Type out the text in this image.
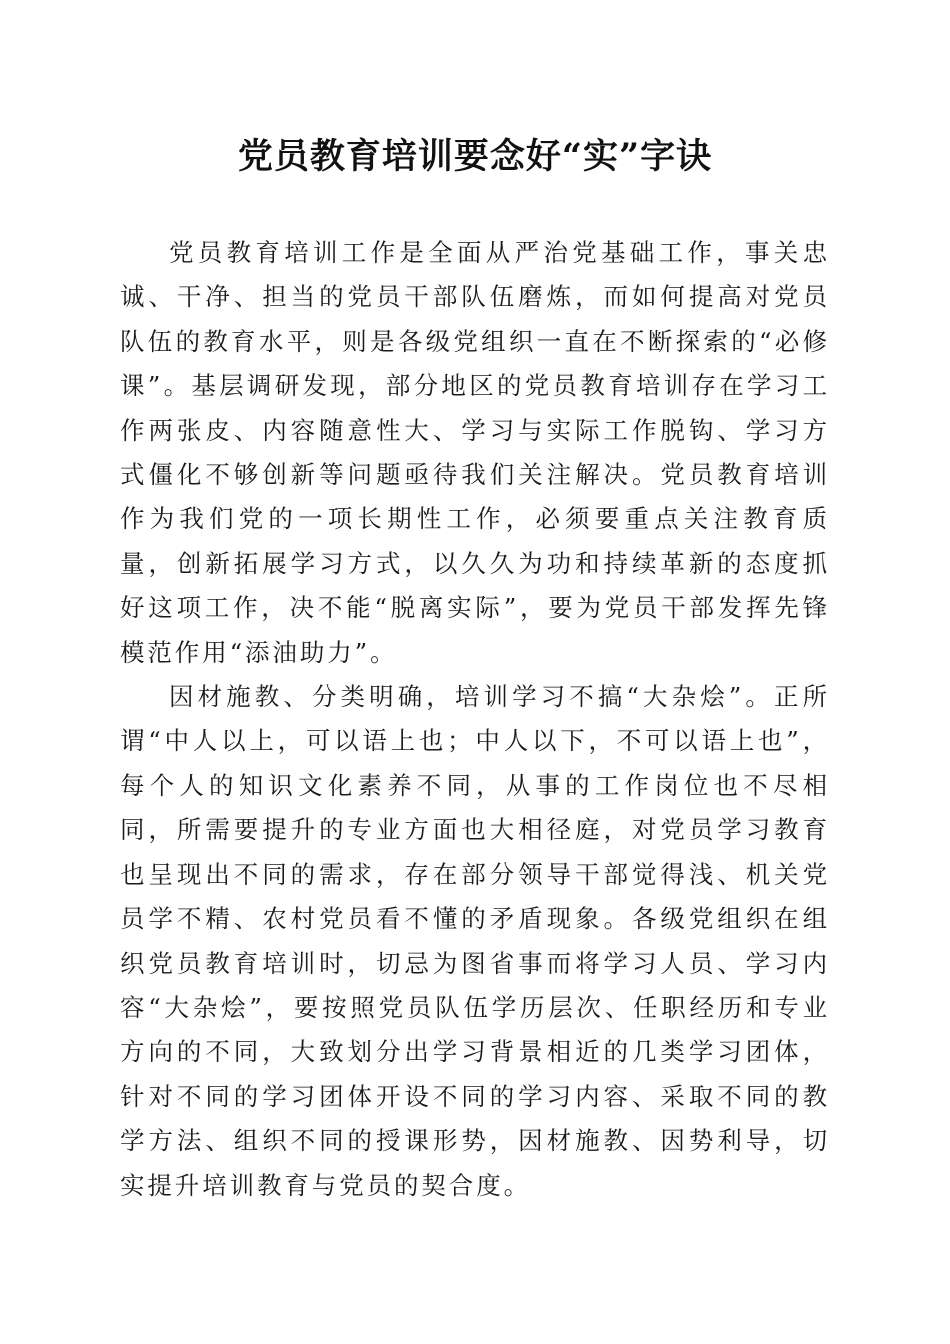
党员教育培训要念好“实”字诀

党员教育培训工作是全面从严治党基础工作，事关忠诚、干净、担当的党员干部队伍磨炼，而如何提高对党员队伍的教育水平，则是各级党组织一直在不断探索的“必修课”。基层调研发现，部分地区的党员教育培训存在学习工作两张皮、内容随意性大、学习与实际工作脱钩、学习方式僵化不够创新等问题亟待我们关注解决。党员教育培训作为我们党的一项长期性工作，必须要重点关注教育质量，创新拓展学习方式，以久久为功和持续革新的态度抓好这项工作，决不能“脱离实际”，要为党员干部发挥先锋模范作用“添油助力”。

因材施教、分类明确，培训学习不搞“大杂烩”。正所谓“中人以上，可以语上也；中人以下，不可以语上也”，每个人的知识文化素养不同，从事的工作岗位也不尽相同，所需要提升的专业方面也大相径庭，对党员学习教育也呈现出不同的需求，存在部分领导干部觉得浅、机关党员学不精、农村党员看不懂的矛盾现象。各级党组织在组织党员教育培训时，切忌为图省事而将学习人员、学习内容“大杂烩”，要按照党员队伍学历层次、任职经历和专业方向的不同，大致划分出学习背景相近的几类学习团体，针对不同的学习团体开设不同的学习内容、采取不同的教学方法、组织不同的授课形势，因材施教、因势利导，切实提升培训教育与党员的契合度。
